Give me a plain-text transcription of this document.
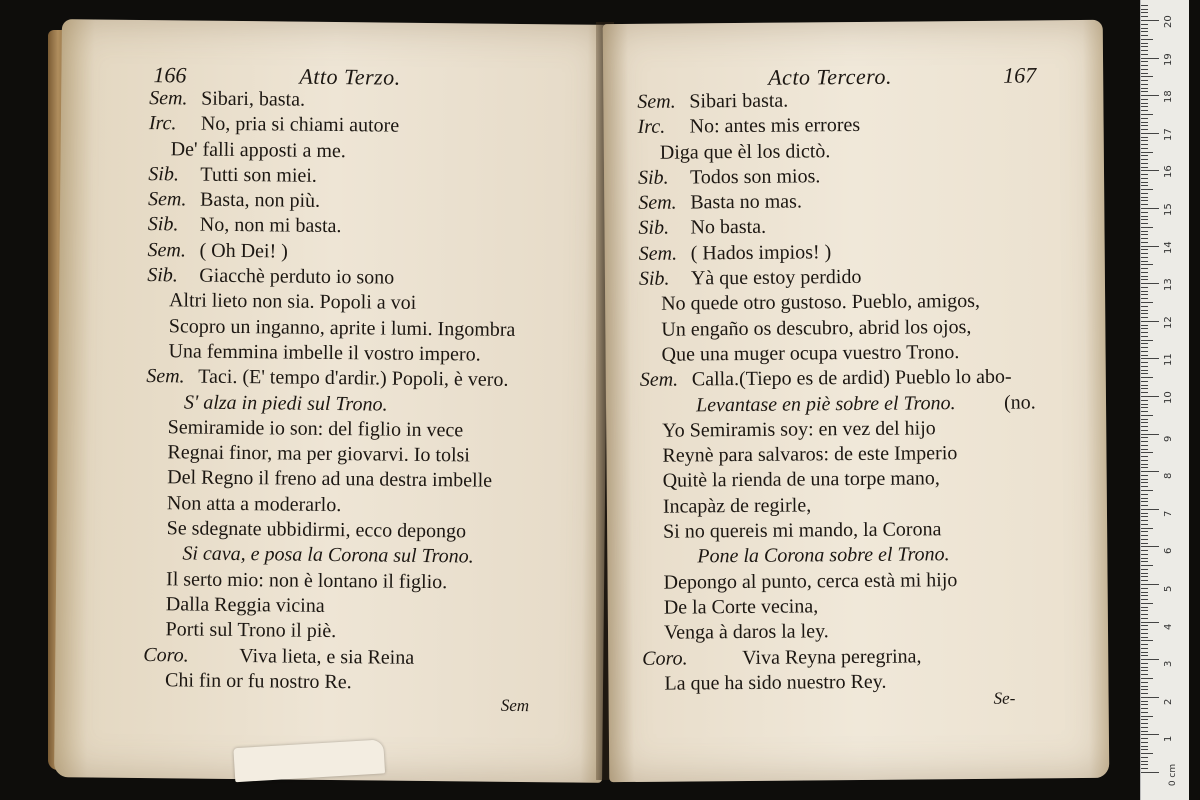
166	Atto Terzo.
Sem. Sibari, basta.
Irc. No, pria si chiami autore
De' falli appostі a me.
Sib. Tutti son miei.
Sem. Basta, non più.
Sib. No, non mi basta.
Sem. ( Oh Dei! )
Sib. Giacchè perduto io sono
Altri lieto non sia. Popoli a voi
Scopro un inganno, aprite i lumi. Ingombra
Una femmina imbelle il vostro impero.
Sem. Taci. (E' tempo d'ardir.) Popoli, è vero.
S' alza in piedi sul Trono.
Semiramide io son: del figlio in vece
Regnai finor, ma per giovarvi. Io tolsi
Del Regno il freno ad una destra imbelle
Non atta a moderarlo.
Se sdegnate ubbidirmi, ecco depongo
Si cava, e posa la Corona sul Trono.
Il serto mio: non è lontano il figlio.
Dalla Reggia vicina
Porti sul Trono il piè.
Coro.	Viva lieta, e sia Reina
Chi fin or fu nostro Re.
Sem
Acto Tercero.	167
Sem. Sibari basta.
Irc. No: antes mis errores
Diga que èl los dictò.
Sib. Todos son mios.
Sem. Basta no mas.
Sib. No basta.
Sem. ( Hados impios! )
Sib. Yà que estoy perdido
No quede otro gustoso. Pueblo, amigos,
Un engaño os descubro, abrid los ojos,
Que una muger ocupa vuestro Trono.
Sem. Calla.(Tiepo es de ardid) Pueblo lo abo-
Levantase en piè sobre el Trono. (no.
Yo Semiramis soy: en vez del hijo
Reynè para salvaros: de este Imperio
Quitè la rienda de una torpe mano,
Incapàz de regirle,
Si no quereis mi mando, la Corona
Pone la Corona sobre el Trono.
Depongo al punto, cerca està mi hijo
De la Corte vecina,
Venga à daros la ley.
Coro.	Viva Reyna peregrina,
La que ha sido nuestro Rey.
Se-
1
2
3
4
5
6
7
8
9
10
11
12
13
14
15
16
17
18
19
20
0 cm
